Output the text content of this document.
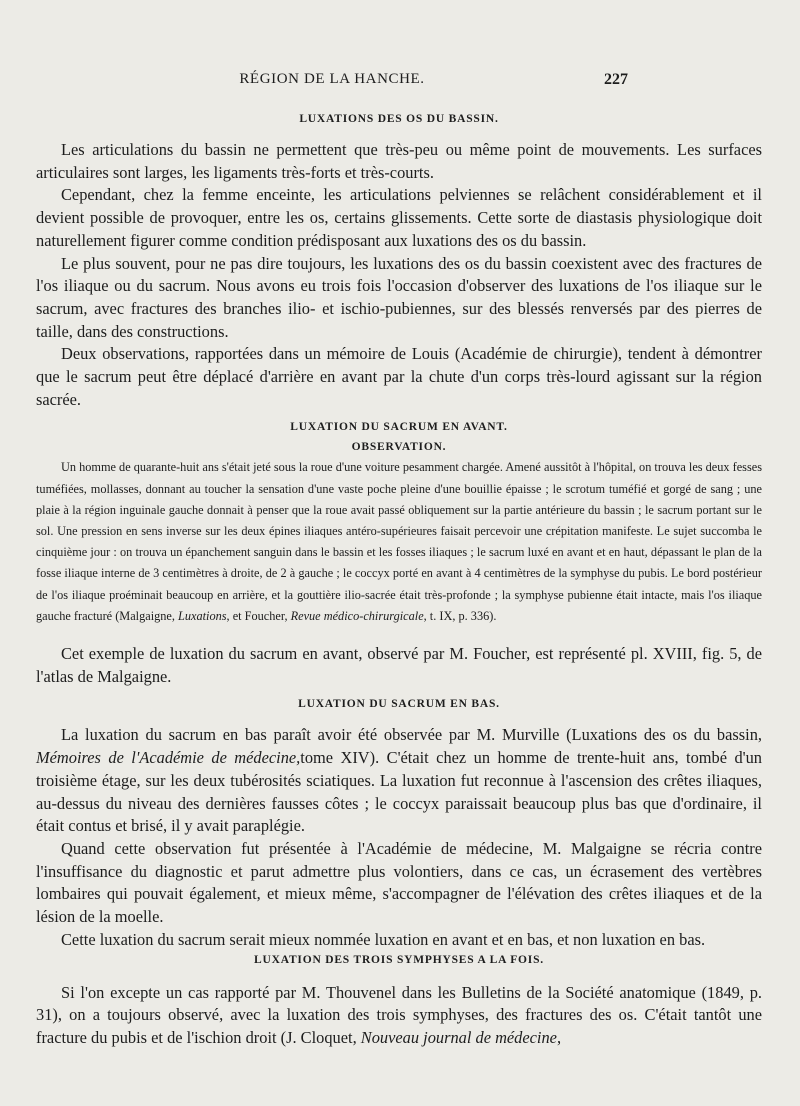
RÉGION DE LA HANCHE.	227
LUXATIONS DES OS DU BASSIN.

Les articulations du bassin ne permettent que très-peu ou même point de mouvements. Les surfaces articulaires sont larges, les ligaments très-forts et très-courts.

Cependant, chez la femme enceinte, les articulations pelviennes se relâchent considérablement et il devient possible de provoquer, entre les os, certains glissements. Cette sorte de diastasis physiologique doit naturellement figurer comme condition prédisposant aux luxations des os du bassin.

Le plus souvent, pour ne pas dire toujours, les luxations des os du bassin coexistent avec des fractures de l'os iliaque ou du sacrum. Nous avons eu trois fois l'occasion d'observer des luxations de l'os iliaque sur le sacrum, avec fractures des branches ilio- et ischio-pubiennes, sur des blessés renversés par des pierres de taille, dans des constructions.

Deux observations, rapportées dans un mémoire de Louis (Académie de chirurgie), tendent à démontrer que le sacrum peut être déplacé d'arrière en avant par la chute d'un corps très-lourd agissant sur la région sacrée.

LUXATION DU SACRUM EN AVANT.
OBSERVATION.

Un homme de quarante-huit ans s'était jeté sous la roue d'une voiture pesamment chargée. Amené aussitôt à l'hôpital, on trouva les deux fesses tuméfiées, mollasses, donnant au toucher la sensation d'une vaste poche pleine d'une bouillie épaisse ; le scrotum tuméfié et gorgé de sang ; une plaie à la région inguinale gauche donnait à penser que la roue avait passé obliquement sur la partie antérieure du bassin ; le sacrum portant sur le sol. Une pression en sens inverse sur les deux épines iliaques antéro-supérieures faisait percevoir une crépitation manifeste. Le sujet succomba le cinquième jour : on trouva un épanchement sanguin dans le bassin et les fosses iliaques ; le sacrum luxé en avant et en haut, dépassant le plan de la fosse iliaque interne de 3 centimètres à droite, de 2 à gauche ; le coccyx porté en avant à 4 centimètres de la symphyse du pubis. Le bord postérieur de l'os iliaque proéminait beaucoup en arrière, et la gouttière ilio-sacrée était très-profonde ; la symphyse pubienne était intacte, mais l'os iliaque gauche fracturé (Malgaigne, Luxations, et Foucher, Revue médico-chirurgicale, t. IX, p. 336).

Cet exemple de luxation du sacrum en avant, observé par M. Foucher, est représenté pl. XVIII, fig. 5, de l'atlas de Malgaigne.

LUXATION DU SACRUM EN BAS.

La luxation du sacrum en bas paraît avoir été observée par M. Murville (Luxations des os du bassin, Mémoires de l'Académie de médecine,tome XIV). C'était chez un homme de trente-huit ans, tombé d'un troisième étage, sur les deux tubérosités sciatiques. La luxation fut reconnue à l'ascension des crêtes iliaques, au-dessus du niveau des dernières fausses côtes ; le coccyx paraissait beaucoup plus bas que d'ordinaire, il était contus et brisé, il y avait paraplégie.

Quand cette observation fut présentée à l'Académie de médecine, M. Malgaigne se récria contre l'insuffisance du diagnostic et parut admettre plus volontiers, dans ce cas, un écrasement des vertèbres lombaires qui pouvait également, et mieux même, s'accompagner de l'élévation des crêtes iliaques et de la lésion de la moelle.

Cette luxation du sacrum serait mieux nommée luxation en avant et en bas, et non luxation en bas.

LUXATION DES TROIS SYMPHYSES A LA FOIS.

Si l'on excepte un cas rapporté par M. Thouvenel dans les Bulletins de la Société anatomique (1849, p. 31), on a toujours observé, avec la luxation des trois symphyses, des fractures des os. C'était tantôt une fracture du pubis et de l'ischion droit (J. Cloquet, Nouveau journal de médecine,
